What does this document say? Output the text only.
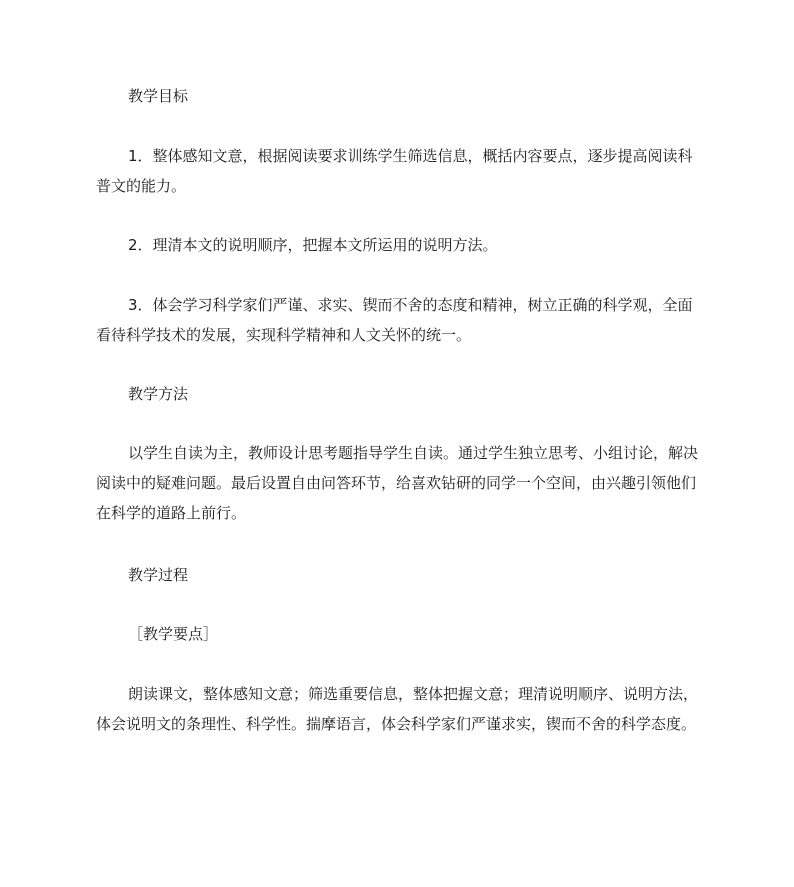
教学目标

1．整体感知文意，根据阅读要求训练学生筛选信息，概括内容要点，逐步提高阅读科普文的能力。

2．理清本文的说明顺序，把握本文所运用的说明方法。

3．体会学习科学家们严谨、求实、锲而不舍的态度和精神，树立正确的科学观，全面看待科学技术的发展，实现科学精神和人文关怀的统一。

教学方法

以学生自读为主，教师设计思考题指导学生自读。通过学生独立思考、小组讨论，解决阅读中的疑难问题。最后设置自由问答环节，给喜欢钻研的同学一个空间，由兴趣引领他们在科学的道路上前行。

教学过程

［教学要点］

朗读课文，整体感知文意；筛选重要信息，整体把握文意；理清说明顺序、说明方法，体会说明文的条理性、科学性。揣摩语言，体会科学家们严谨求实，锲而不舍的科学态度。
